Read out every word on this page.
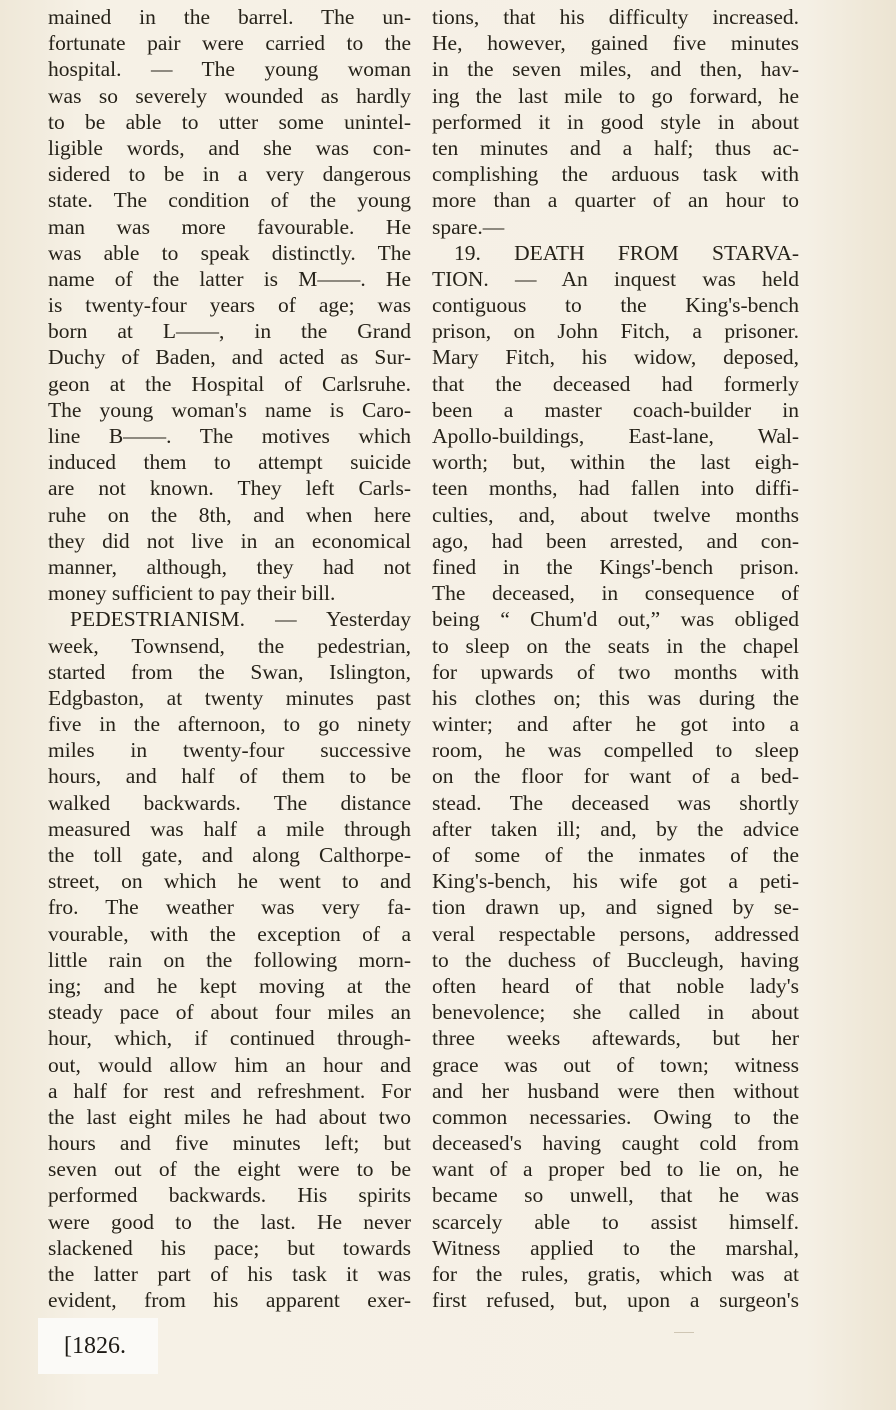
mained in the barrel. The un-
fortunate pair were carried to the
hospital. — The young woman
was so severely wounded as hardly
to be able to utter some unintel-
ligible words, and she was con-
sidered to be in a very dangerous
state. The condition of the young
man was more favourable. He
was able to speak distinctly. The
name of the latter is M——. He
is twenty-four years of age; was
born at L——, in the Grand
Duchy of Baden, and acted as Sur-
geon at the Hospital of Carlsruhe.
The young woman's name is Caro-
line B——. The motives which
induced them to attempt suicide
are not known. They left Carls-
ruhe on the 8th, and when here
they did not live in an economical
manner, although, they had not
money sufficient to pay their bill.
PEDESTRIANISM. — Yesterday
week, Townsend, the pedestrian,
started from the Swan, Islington,
Edgbaston, at twenty minutes past
five in the afternoon, to go ninety
miles in twenty-four successive
hours, and half of them to be
walked backwards. The distance
measured was half a mile through
the toll gate, and along Calthorpe-
street, on which he went to and
fro. The weather was very fa-
vourable, with the exception of a
little rain on the following morn-
ing; and he kept moving at the
steady pace of about four miles an
hour, which, if continued through-
out, would allow him an hour and
a half for rest and refreshment. For
the last eight miles he had about two
hours and five minutes left; but
seven out of the eight were to be
performed backwards. His spirits
were good to the last. He never
slackened his pace; but towards
the latter part of his task it was
evident, from his apparent exer-
tions, that his difficulty increased.
He, however, gained five minutes
in the seven miles, and then, hav-
ing the last mile to go forward, he
performed it in good style in about
ten minutes and a half; thus ac-
complishing the arduous task with
more than a quarter of an hour to
spare.—
19. DEATH FROM STARVA-
TION. — An inquest was held
contiguous to the King's-bench
prison, on John Fitch, a prisoner.
Mary Fitch, his widow, deposed,
that the deceased had formerly
been a master coach-builder in
Apollo-buildings, East-lane, Wal-
worth; but, within the last eigh-
teen months, had fallen into diffi-
culties, and, about twelve months
ago, had been arrested, and con-
fined in the Kings'-bench prison.
The deceased, in consequence of
being “ Chum'd out,” was obliged
to sleep on the seats in the chapel
for upwards of two months with
his clothes on; this was during the
winter; and after he got into a
room, he was compelled to sleep
on the floor for want of a bed-
stead. The deceased was shortly
after taken ill; and, by the advice
of some of the inmates of the
King's-bench, his wife got a peti-
tion drawn up, and signed by se-
veral respectable persons, addressed
to the duchess of Buccleugh, having
often heard of that noble lady's
benevolence; she called in about
three weeks aftewards, but her
grace was out of town; witness
and her husband were then without
common necessaries. Owing to the
deceased's having caught cold from
want of a proper bed to lie on, he
became so unwell, that he was
scarcely able to assist himself.
Witness applied to the marshal,
for the rules, gratis, which was at
first refused, but, upon a surgeon's
[1826.
